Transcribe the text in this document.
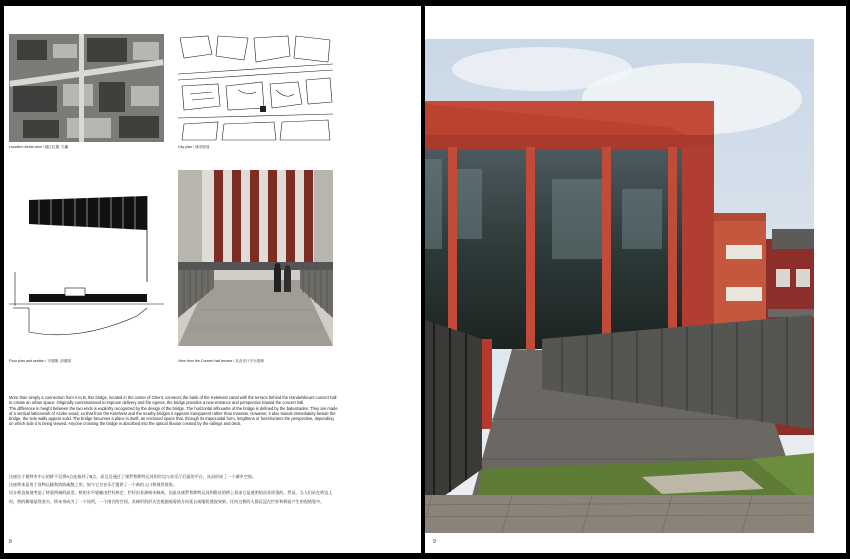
Location: Aerial view / 地区位置, 鸟瞰	City plan / 城市规划
Floor plan and section / 平面图, 剖面图	View from the Concert hall terrace / 从音乐厅平台看桥

More than simply a connection from A to B, this bridge, located in the center of Ghent, connects the bank of the Ketelvest canal with the terrace behind the Handelsbeurs concert hall to create an urban space. Originally commissioned to improve delivery and fire egress, the bridge provides a new entrance and perspective toward the concert hall.

The difference in height between the two ends is explicitly recognized by the design of the bridge. The horizontal silhouette of the bridge is defined by the balustrades. They are made of a vertical latticework of Azobe wood, so that from the Ketelvest and the nearby bridges it appears transparent rather than massive. However, it also stands immediately beside the bridge, the side walls appear solid. The bridge becomes a place in itself, an enclosed space that, through its trapezoidal form, lengthens or foreshortens the perspective, depending on which side it is being viewed. Anyone crossing the bridge is absorbed into the optical illusion created by the railings and deck.

这座位于根特市中心的桥不仅将A点连接到了B点，而且还通过了康罗普斯特运河的岸边与音乐厅后面的平台，从而形成了一个城市空间。

这座桥本是用于货物运输和消防疏散之用，如今它为音乐厅提供了一个新的入口和观赏视角。

设计师直接地考虑了桥梁两端的高差。桥的水平轮廓由栏杆界定，栏杆由非洲格木制成，因此从康罗普斯特运河和附近的桥上看来它是透明的而非厚重的。然而，当人们站在桥边上时，桥的侧墙显得坚实。桥本身成为了一个场所，一个围合的空间，其梯形的形式会根据观看的方向延长或缩短透视效果。任何过桥的人都沉浸在栏杆和桥面产生的视错觉中。

8	9
